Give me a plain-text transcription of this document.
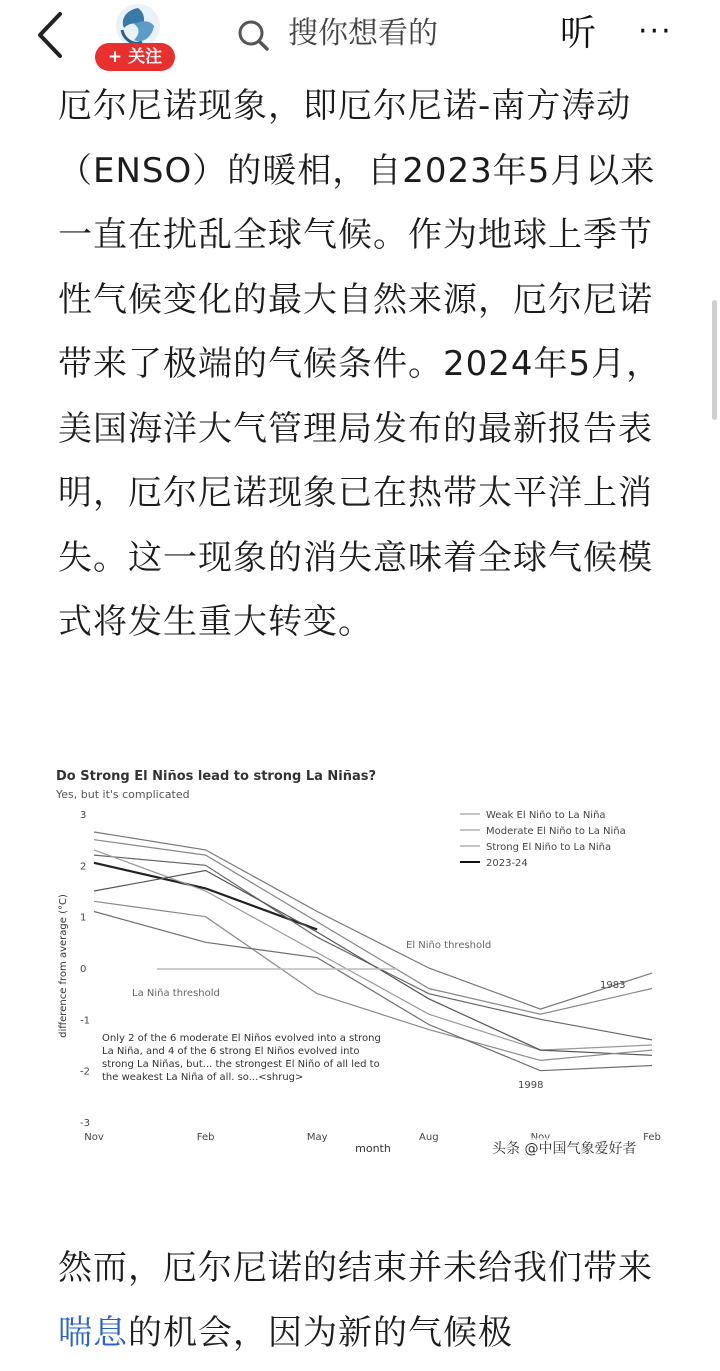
+ 关注
搜你想看的	听 ···

厄尔尼诺现象，即厄尔尼诺-南方涛动（ENSO）的暖相，自2023年5月以来一直在扰乱全球气候。作为地球上季节性气候变化的最大自然来源，厄尔尼诺带来了极端的气候条件。2024年5月，美国海洋大气管理局发布的最新报告表明，厄尔尼诺现象已在热带太平洋上消失。这一现象的消失意味着全球气候模式将发生重大转变。

Do Strong El Niños lead to strong La Niñas?
Yes, but it's complicated
difference from average (°C)
month
3
2
1
0
-1
-2
-3
Nov	Feb	May	Aug	Feb
El Niño threshold
La Niña threshold
1983
1998
Weak El Niño to La Niña
Moderate El Niño to La Niña
Strong El Niño to La Niña
2023-24
Only 2 of the 6 moderate El Niños evolved into a strong La Niña, and 4 of the 6 strong El Niños evolved into strong La Niñas, but... the strongest El Niño of all led to the weakest La Niña of all. so...<shrug>
头条 @中国气象爱好者

然而，厄尔尼诺的结束并未给我们带来喘息的机会，因为新的气候极
